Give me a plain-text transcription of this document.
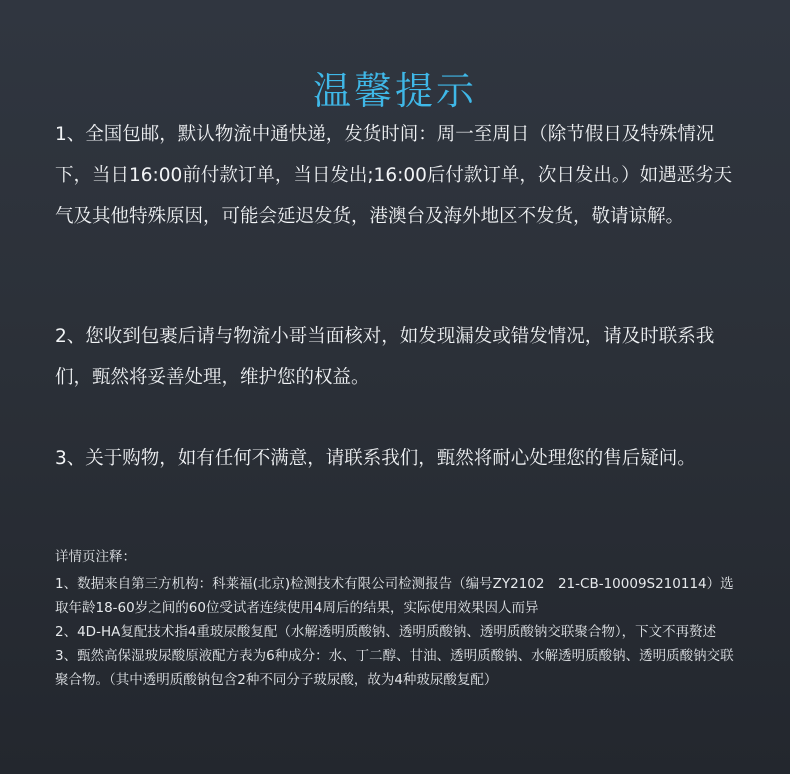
温馨提示

1、全国包邮，默认物流中通快递，发货时间：周一至周日（除节假日及特殊情况下，当日16:00前付款订单，当日发出;16:00后付款订单，次日发出。）如遇恶劣天气及其他特殊原因，可能会延迟发货，港澳台及海外地区不发货，敬请谅解。

2、您收到包裹后请与物流小哥当面核对，如发现漏发或错发情况，请及时联系我们，甄然将妥善处理，维护您的权益。

3、关于购物，如有任何不满意，请联系我们，甄然将耐心处理您的售后疑问。

详情页注释：

1、数据来自第三方机构：科莱福(北京)检测技术有限公司检测报告（编号ZY2102　21-CB-10009S210114）选取年龄18-60岁之间的60位受试者连续使用4周后的结果，实际使用效果因人而异

2、4D-HA复配技术指4重玻尿酸复配（水解透明质酸钠、透明质酸钠、透明质酸钠交联聚合物），下文不再赘述

3、甄然高保湿玻尿酸原液配方表为6种成分：水、丁二醇、甘油、透明质酸钠、水解透明质酸钠、透明质酸钠交联聚合物。（其中透明质酸钠包含2种不同分子玻尿酸，故为4种玻尿酸复配）
